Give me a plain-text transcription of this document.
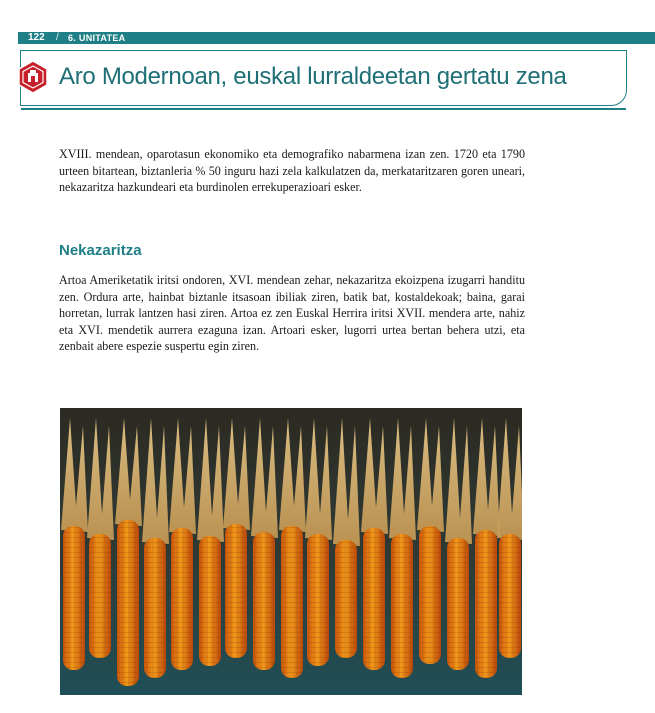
122 / 6. UNITATEA
Aro Modernoan, euskal lurraldeetan gertatu zena
XVIII. mendean, oparotasun ekonomiko eta demografiko nabarmena izan zen. 1720 eta 1790 urteen bitartean, biztanleria % 50 inguru hazi zela kalkulatzen da, merkataritzaren goren uneari, nekazaritza hazkundeari eta burdinolen errekuperazioari esker.
Nekazaritza
Artoa Ameriketatik iritsi ondoren, XVI. mendean zehar, nekazaritza ekoizpena izugarri handitu zen. Ordura arte, hainbat biztanle itsasoan ibiliak ziren, batik bat, kostaldekoak; baina, garai horretan, lurrak lantzen hasi ziren. Artoa ez zen Euskal Herrira iritsi XVII. mendera arte, nahiz eta XVI. mendetik aurrera ezaguna izan. Artoari esker, lugorri urtea bertan behera utzi, eta zenbait abere espezie suspertu egin ziren.
